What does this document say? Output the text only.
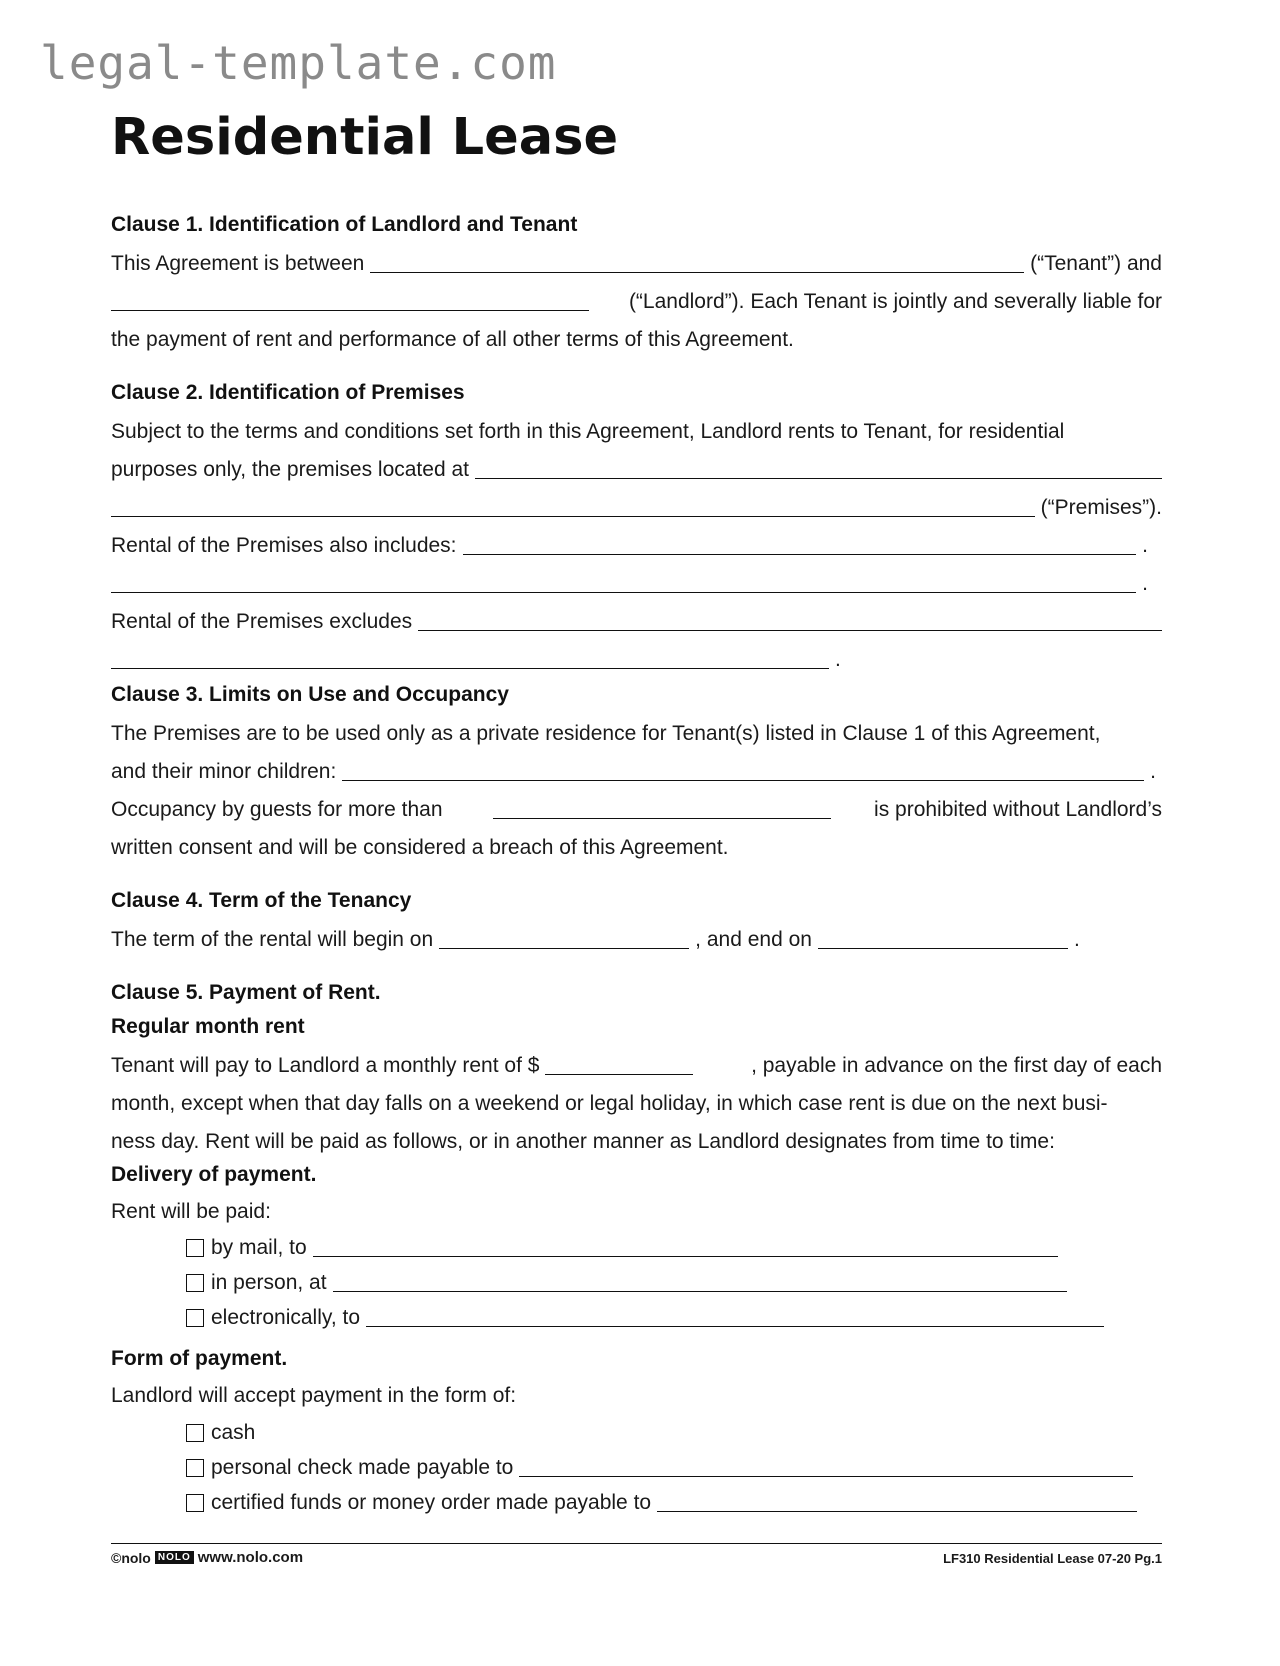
legal-template.com
Residential Lease
Clause 1. Identification of Landlord and Tenant
This Agreement is between	(“Tenant”) and
(“Landlord”). Each Tenant is jointly and severally liable for
the payment of rent and performance of all other terms of this Agreement.
Clause 2. Identification of Premises
Subject to the terms and conditions set forth in this Agreement, Landlord rents to Tenant, for residential
purposes only, the premises located at
(“Premises”).
Rental of the Premises also includes:	.
.
Rental of the Premises excludes
.
Clause 3. Limits on Use and Occupancy
The Premises are to be used only as a private residence for Tenant(s) listed in Clause 1 of this Agreement,
and their minor children:	.
Occupancy by guests for more than	is prohibited without Landlord’s
written consent and will be considered a breach of this Agreement.
Clause 4. Term of the Tenancy
The term of the rental will begin on	, and end on	.
Clause 5. Payment of Rent.
Regular month rent
Tenant will pay to Landlord a monthly rent of $	, payable in advance on the first day of each
month, except when that day falls on a weekend or legal holiday, in which case rent is due on the next busi-
ness day. Rent will be paid as follows, or in another manner as Landlord designates from time to time:
Delivery of payment.
Rent will be paid:
by mail, to
in person, at
electronically, to
Form of payment.
Landlord will accept payment in the form of:
cash
personal check made payable to
certified funds or money order made payable to
©nolo NOLO www.nolo.com	LF310 Residential Lease 07-20 Pg.1
